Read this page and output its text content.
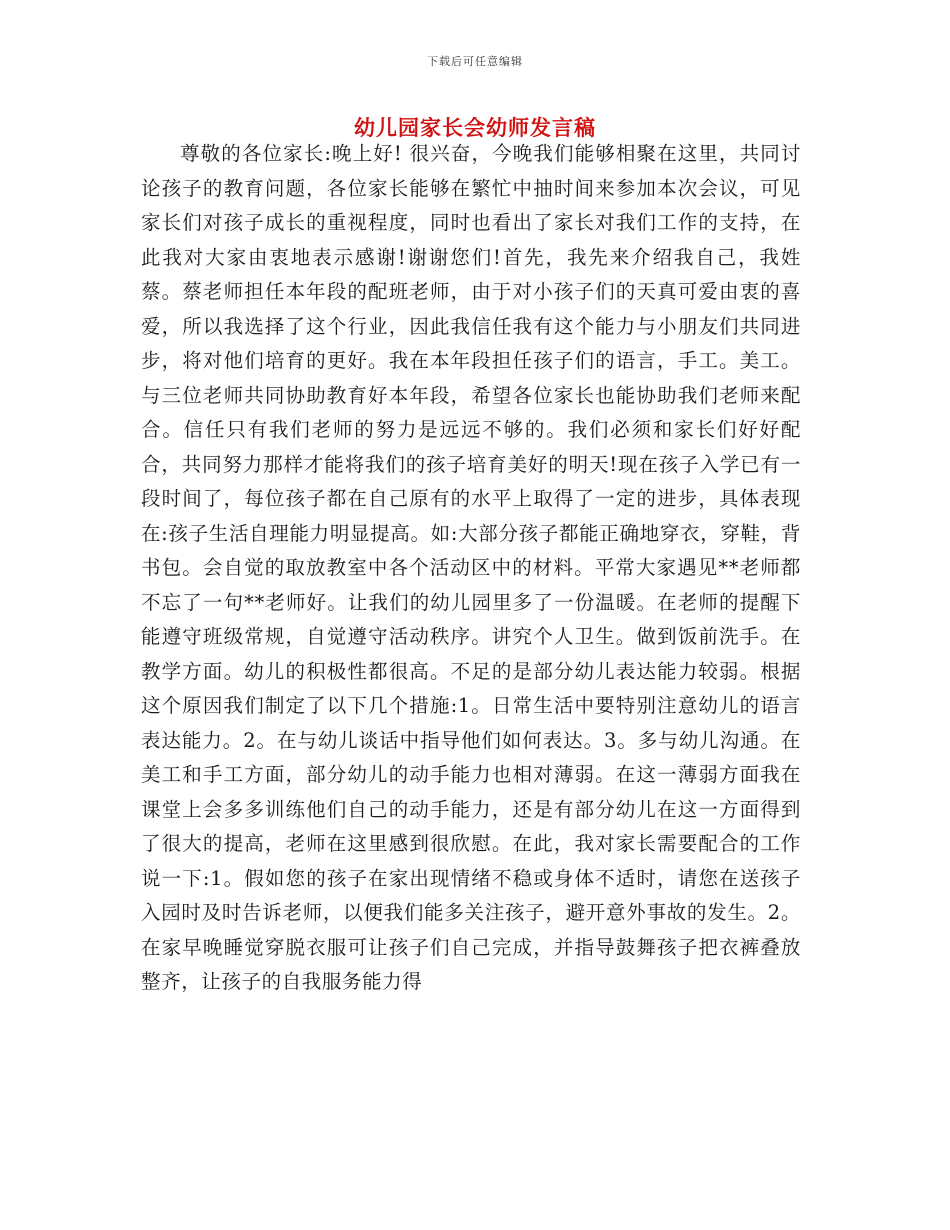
下载后可任意编辑
幼儿园家长会幼师发言稿

尊敬的各位家长:晚上好! 很兴奋，今晚我们能够相聚在这里，共同讨论孩子的教育问题，各位家长能够在繁忙中抽时间来参加本次会议，可见家长们对孩子成长的重视程度，同时也看出了家长对我们工作的支持，在此我对大家由衷地表示感谢!谢谢您们!首先，我先来介绍我自己，我姓蔡。蔡老师担任本年段的配班老师，由于对小孩子们的天真可爱由衷的喜爱，所以我选择了这个行业，因此我信任我有这个能力与小朋友们共同进步，将对他们培育的更好。我在本年段担任孩子们的语言，手工。美工。与三位老师共同协助教育好本年段，希望各位家长也能协助我们老师来配合。信任只有我们老师的努力是远远不够的。我们必须和家长们好好配合，共同努力那样才能将我们的孩子培育美好的明天!现在孩子入学已有一段时间了，每位孩子都在自己原有的水平上取得了一定的进步，具体表现在:孩子生活自理能力明显提高。如:大部分孩子都能正确地穿衣，穿鞋，背书包。会自觉的取放教室中各个活动区中的材料。平常大家遇见**老师都不忘了一句**老师好。让我们的幼儿园里多了一份温暖。在老师的提醒下能遵守班级常规，自觉遵守活动秩序。讲究个人卫生。做到饭前洗手。在教学方面。幼儿的积极性都很高。不足的是部分幼儿表达能力较弱。根据这个原因我们制定了以下几个措施:1。日常生活中要特别注意幼儿的语言表达能力。2。在与幼儿谈话中指导他们如何表达。3。多与幼儿沟通。在美工和手工方面，部分幼儿的动手能力也相对薄弱。在这一薄弱方面我在课堂上会多多训练他们自己的动手能力，还是有部分幼儿在这一方面得到了很大的提高，老师在这里感到很欣慰。在此，我对家长需要配合的工作说一下:1。假如您的孩子在家出现情绪不稳或身体不适时，请您在送孩子入园时及时告诉老师，以便我们能多关注孩子，避开意外事故的发生。2。在家早晚睡觉穿脱衣服可让孩子们自己完成，并指导鼓舞孩子把衣裤叠放整齐，让孩子的自我服务能力得
